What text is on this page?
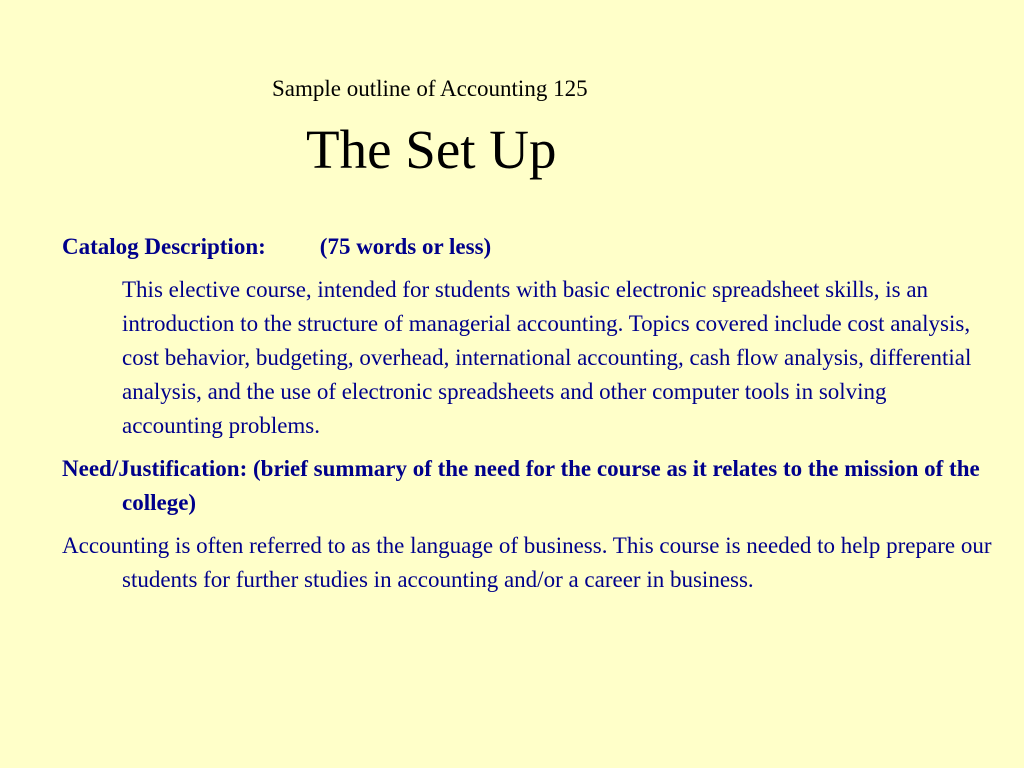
Sample outline of Accounting 125
The Set Up
Catalog Description: (75 words or less)

This elective course, intended for students with basic electronic spreadsheet skills, is an introduction to the structure of managerial accounting. Topics covered include cost analysis, cost behavior, budgeting, overhead, international accounting, cash flow analysis, differential analysis, and the use of electronic spreadsheets and other computer tools in solving accounting problems.

Need/Justification: (brief summary of the need for the course as it relates to the mission of the college)

Accounting is often referred to as the language of business. This course is needed to help prepare our students for further studies in accounting and/or a career in business.
